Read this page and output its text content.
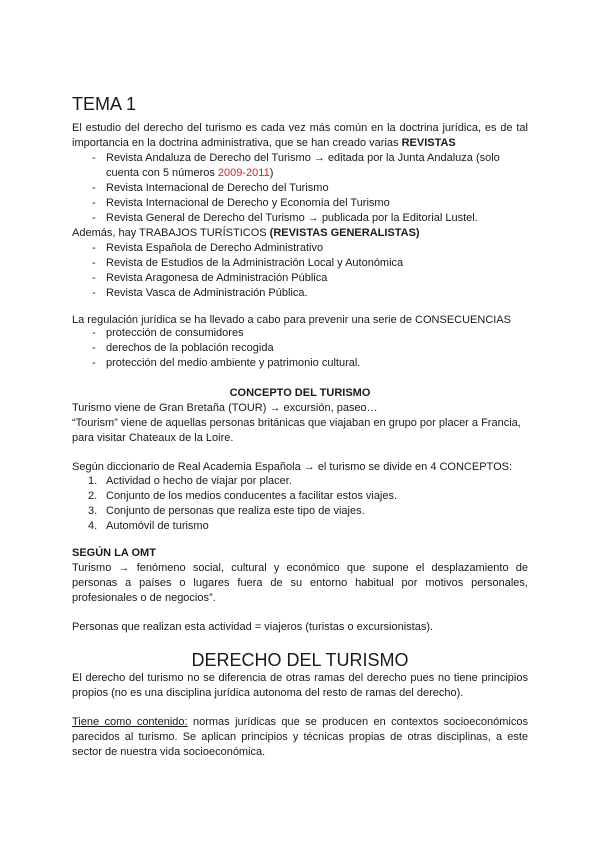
TEMA 1

El estudio del derecho del turismo es cada vez más común en la doctrina jurídica, es de tal importancia en la doctrina administrativa, que se han creado varias REVISTAS

- Revista Andaluza de Derecho del Turismo → editada por la Junta Andaluza (solo cuenta con 5 números 2009-2011)
- Revista Internacional de Derecho del Turismo
- Revista Internacional de Derecho y Economía del Turismo
- Revista General de Derecho del Turismo → publicada por la Editorial Lustel.

Además, hay TRABAJOS TURÍSTICOS (REVISTAS GENERALISTAS)

- Revista Española de Derecho Administrativo
- Revista de Estudios de la Administración Local y Autonómica
- Revista Aragonesa de Administración Pública
- Revista Vasca de Administración Pública.

La regulación jurídica se ha llevado a cabo para prevenir una serie de CONSECUENCIAS

- protección de consumidores
- derechos de la población recogida
- protección del medio ambiente y patrimonio cultural.
CONCEPTO DEL TURISMO

Turismo viene de Gran Bretaña (TOUR) → excursión, paseo…

“Tourism” viene de aquellas personas británicas que viajaban en grupo por placer a Francia, para visitar Chateaux de la Loire.

Según diccionario de Real Academia Española → el turismo se divide en 4 CONCEPTOS:

1. Actividad o hecho de viajar por placer.
2. Conjunto de los medios conducentes a facilitar estos viajes.
3. Conjunto de personas que realiza este tipo de viajes.
4. Automóvil de turismo

SEGÚN LA OMT

Turismo → fenómeno social, cultural y económico que supone el desplazamiento de personas a países o lugares fuera de su entorno habitual por motivos personales, profesionales o de negocios”.

Personas que realizan esta actividad = viajeros (turistas o excursionistas).

DERECHO DEL TURISMO

El derecho del turismo no se diferencia de otras ramas del derecho pues no tiene principios propios (no es una disciplina jurídica autonoma del resto de ramas del derecho).

Tiene como contenido: normas jurídicas que se producen en contextos socioeconómicos parecidos al turismo. Se aplican principios y técnicas propias de otras disciplinas, a este sector de nuestra vida socioeconómica.
